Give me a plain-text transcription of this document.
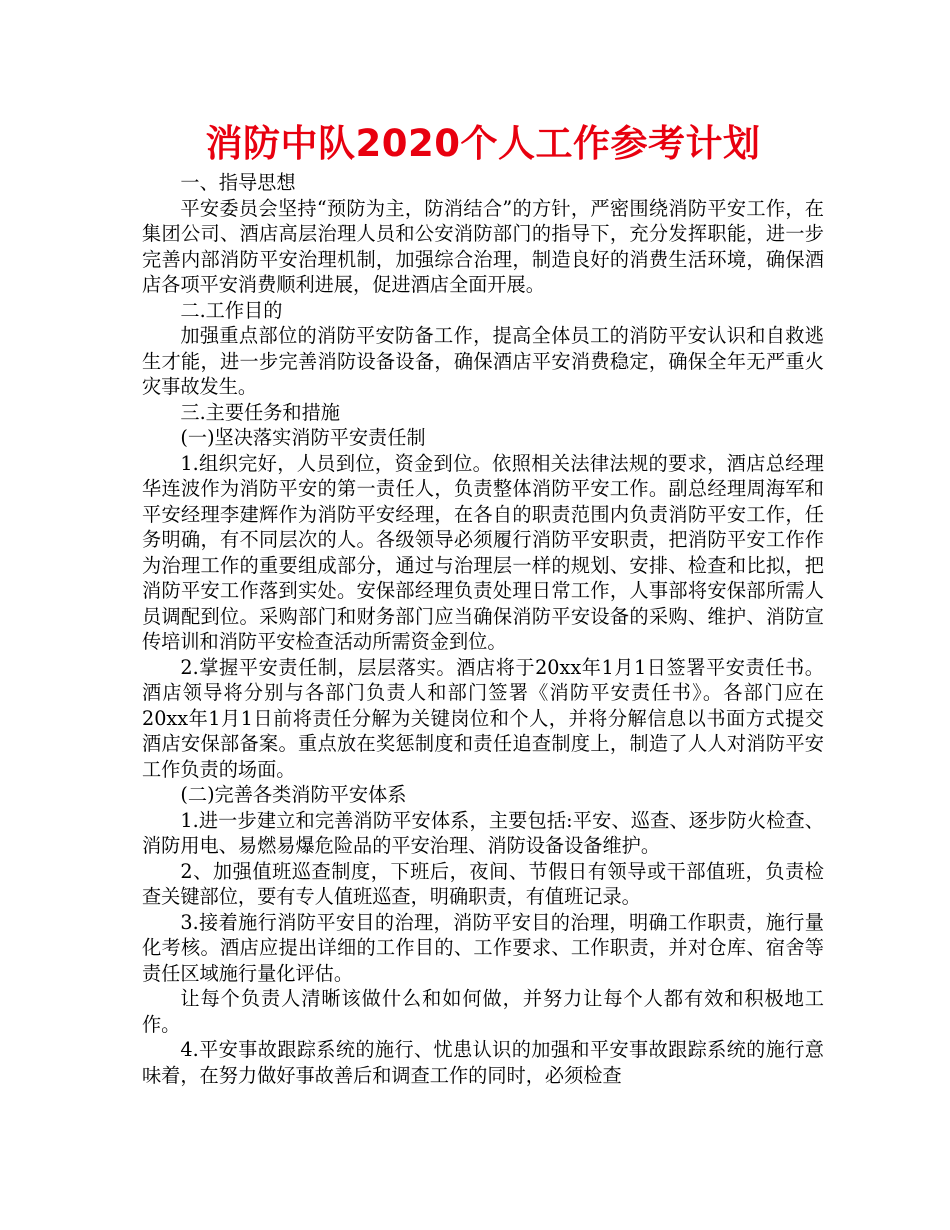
消防中队2020个人工作参考计划

一、指导思想

平安委员会坚持“预防为主，防消结合”的方针，严密围绕消防平安工作，在集团公司、酒店高层治理人员和公安消防部门的指导下，充分发挥职能，进一步完善内部消防平安治理机制，加强综合治理，制造良好的消费生活环境，确保酒店各项平安消费顺利进展，促进酒店全面开展。

二.工作目的

加强重点部位的消防平安防备工作，提高全体员工的消防平安认识和自救逃生才能，进一步完善消防设备设备，确保酒店平安消费稳定，确保全年无严重火灾事故发生。

三.主要任务和措施

(一)坚决落实消防平安责任制

1.组织完好，人员到位，资金到位。依照相关法律法规的要求，酒店总经理华连波作为消防平安的第一责任人，负责整体消防平安工作。副总经理周海军和平安经理李建辉作为消防平安经理，在各自的职责范围内负责消防平安工作，任务明确，有不同层次的人。各级领导必须履行消防平安职责，把消防平安工作作为治理工作的重要组成部分，通过与治理层一样的规划、安排、检查和比拟，把消防平安工作落到实处。安保部经理负责处理日常工作，人事部将安保部所需人员调配到位。采购部门和财务部门应当确保消防平安设备的采购、维护、消防宣传培训和消防平安检查活动所需资金到位。

2.掌握平安责任制，层层落实。酒店将于20xx年1月1日签署平安责任书。酒店领导将分别与各部门负责人和部门签署《消防平安责任书》。各部门应在20xx年1月1日前将责任分解为关键岗位和个人，并将分解信息以书面方式提交酒店安保部备案。重点放在奖惩制度和责任追查制度上，制造了人人对消防平安工作负责的场面。

(二)完善各类消防平安体系

1.进一步建立和完善消防平安体系，主要包括:平安、巡查、逐步防火检查、消防用电、易燃易爆危险品的平安治理、消防设备设备维护。

2、加强值班巡查制度，下班后，夜间、节假日有领导或干部值班，负责检查关键部位，要有专人值班巡查，明确职责，有值班记录。

3.接着施行消防平安目的治理，消防平安目的治理，明确工作职责，施行量化考核。酒店应提出详细的工作目的、工作要求、工作职责，并对仓库、宿舍等责任区域施行量化评估。

让每个负责人清晰该做什么和如何做，并努力让每个人都有效和积极地工作。

4.平安事故跟踪系统的施行、忧患认识的加强和平安事故跟踪系统的施行意味着，在努力做好事故善后和调查工作的同时，必须检查
